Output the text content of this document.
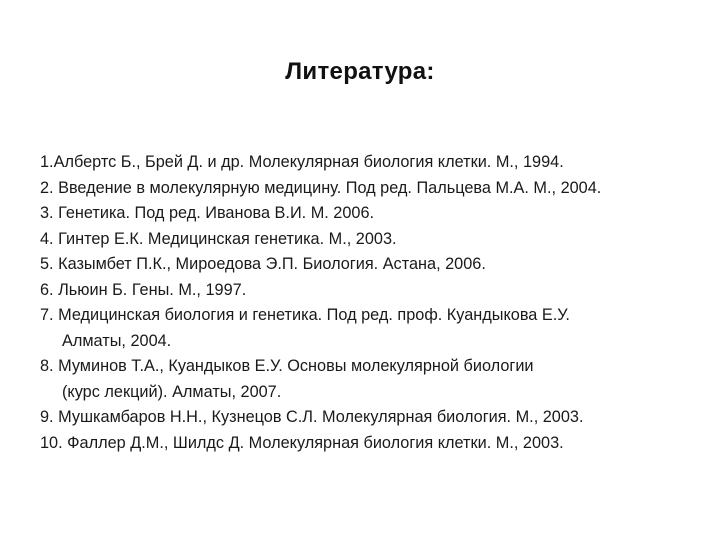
Литература:
1.Албертс Б., Брей Д. и др. Молекулярная биология клетки. М., 1994.
2. Введение в молекулярную медицину. Под ред. Пальцева М.А. М., 2004.
3. Генетика. Под ред. Иванова В.И. М. 2006.
4. Гинтер Е.К. Медицинская генетика. М., 2003.
5. Казымбет П.К., Мироедова Э.П. Биология. Астана, 2006.
6. Льюин Б. Гены. М., 1997.
7. Медицинская биология и генетика. Под ред. проф. Куандыкова Е.У.
Алматы, 2004.
8. Муминов Т.А., Куандыков Е.У. Основы молекулярной биологии
(курс лекций). Алматы, 2007.
9. Мушкамбаров Н.Н., Кузнецов С.Л. Молекулярная биология. М., 2003.
10. Фаллер Д.М., Шилдс Д. Молекулярная биология клетки. М., 2003.
